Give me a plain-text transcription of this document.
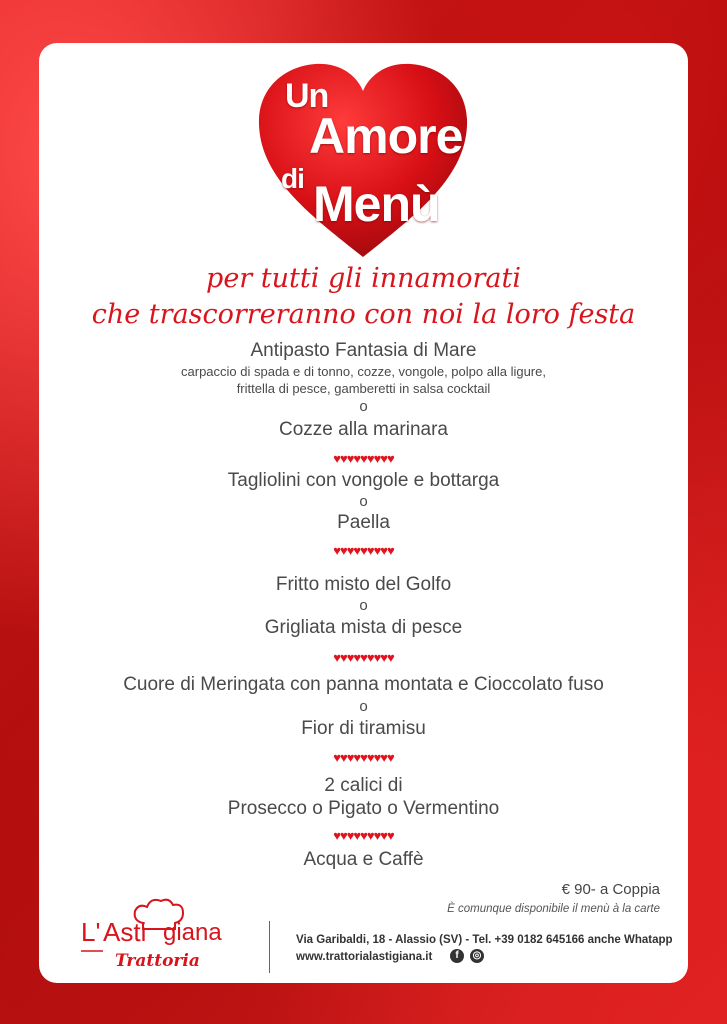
Un
Amore
di Menù
per tutti gli innamorati
che trascorreranno con noi la loro festa
Antipasto Fantasia di Mare
carpaccio di spada e di tonno, cozze, vongole, polpo alla ligure,
frittella di pesce, gamberetti in salsa cocktail
o
Cozze alla marinara
♥♥♥♥♥♥♥♥♥
Tagliolini con vongole e bottarga
o
Paella
♥♥♥♥♥♥♥♥♥
Fritto misto del Golfo
o
Grigliata mista di pesce
♥♥♥♥♥♥♥♥♥
Cuore di Meringata con panna montata e Cioccolato fuso
o
Fior di tiramisu
♥♥♥♥♥♥♥♥♥
2 calici di
Prosecco o Pigato o Vermentino
♥♥♥♥♥♥♥♥♥
Acqua e Caffè
€ 90- a Coppia
È comunque disponibile il menù à la carte
L' Asti giana
Trattoria
Via Garibaldi, 18 - Alassio (SV) - Tel. +39 0182 645166 anche Whatapp
www.trattorialastigiana.it	f	◎
